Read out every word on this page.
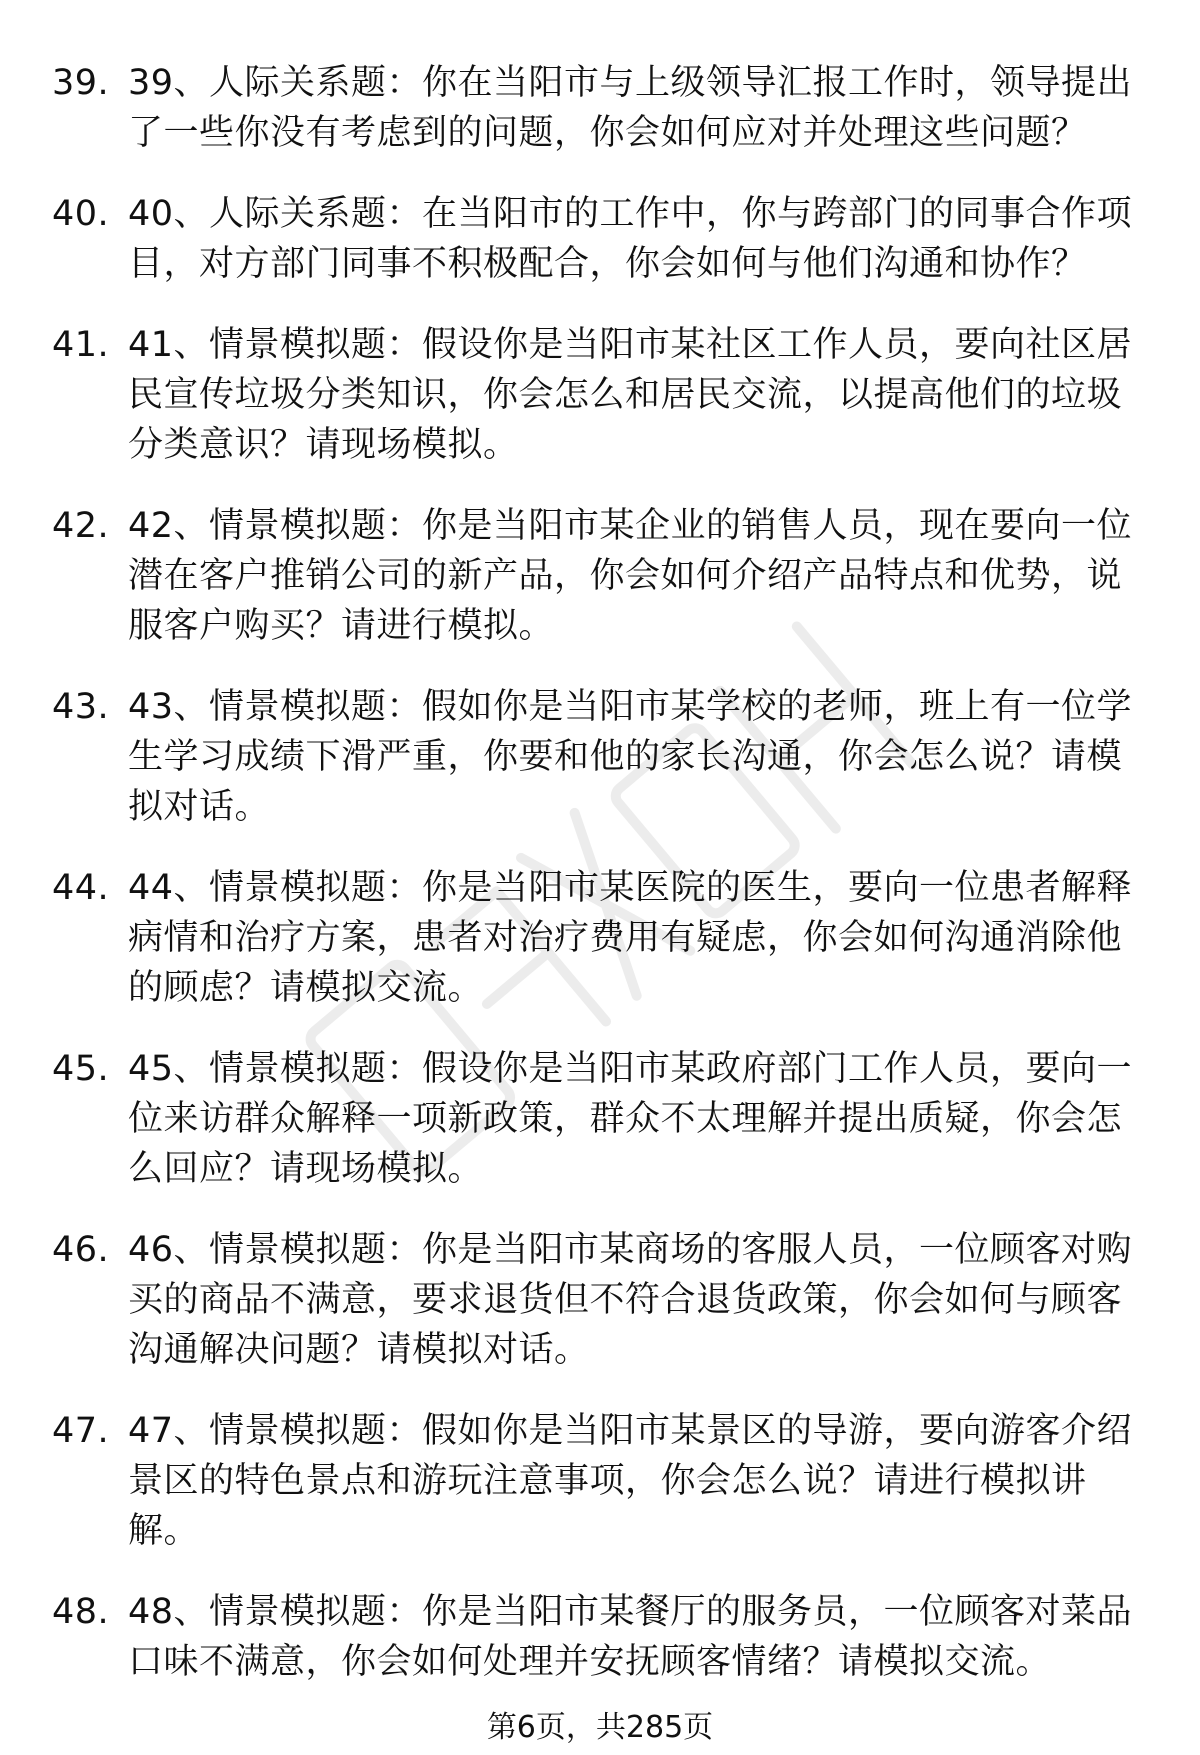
39. 39、人际关系题：你在当阳市与上级领导汇报工作时，领导提出了一些你没有考虑到的问题，你会如何应对并处理这些问题？
40. 40、人际关系题：在当阳市的工作中，你与跨部门的同事合作项目，对方部门同事不积极配合，你会如何与他们沟通和协作？
41. 41、情景模拟题：假设你是当阳市某社区工作人员，要向社区居民宣传垃圾分类知识，你会怎么和居民交流，以提高他们的垃圾分类意识？请现场模拟。
42. 42、情景模拟题：你是当阳市某企业的销售人员，现在要向一位潜在客户推销公司的新产品，你会如何介绍产品特点和优势，说服客户购买？请进行模拟。
43. 43、情景模拟题：假如你是当阳市某学校的老师，班上有一位学生学习成绩下滑严重，你要和他的家长沟通，你会怎么说？请模拟对话。
44. 44、情景模拟题：你是当阳市某医院的医生，要向一位患者解释病情和治疗方案，患者对治疗费用有疑虑，你会如何沟通消除他的顾虑？请模拟交流。
45. 45、情景模拟题：假设你是当阳市某政府部门工作人员，要向一位来访群众解释一项新政策，群众不太理解并提出质疑，你会怎么回应？请现场模拟。
46. 46、情景模拟题：你是当阳市某商场的客服人员，一位顾客对购买的商品不满意，要求退货但不符合退货政策，你会如何与顾客沟通解决问题？请模拟对话。
47. 47、情景模拟题：假如你是当阳市某景区的导游，要向游客介绍景区的特色景点和游玩注意事项，你会怎么说？请进行模拟讲解。
48. 48、情景模拟题：你是当阳市某餐厅的服务员，一位顾客对菜品口味不满意，你会如何处理并安抚顾客情绪？请模拟交流。
第6页，共285页
